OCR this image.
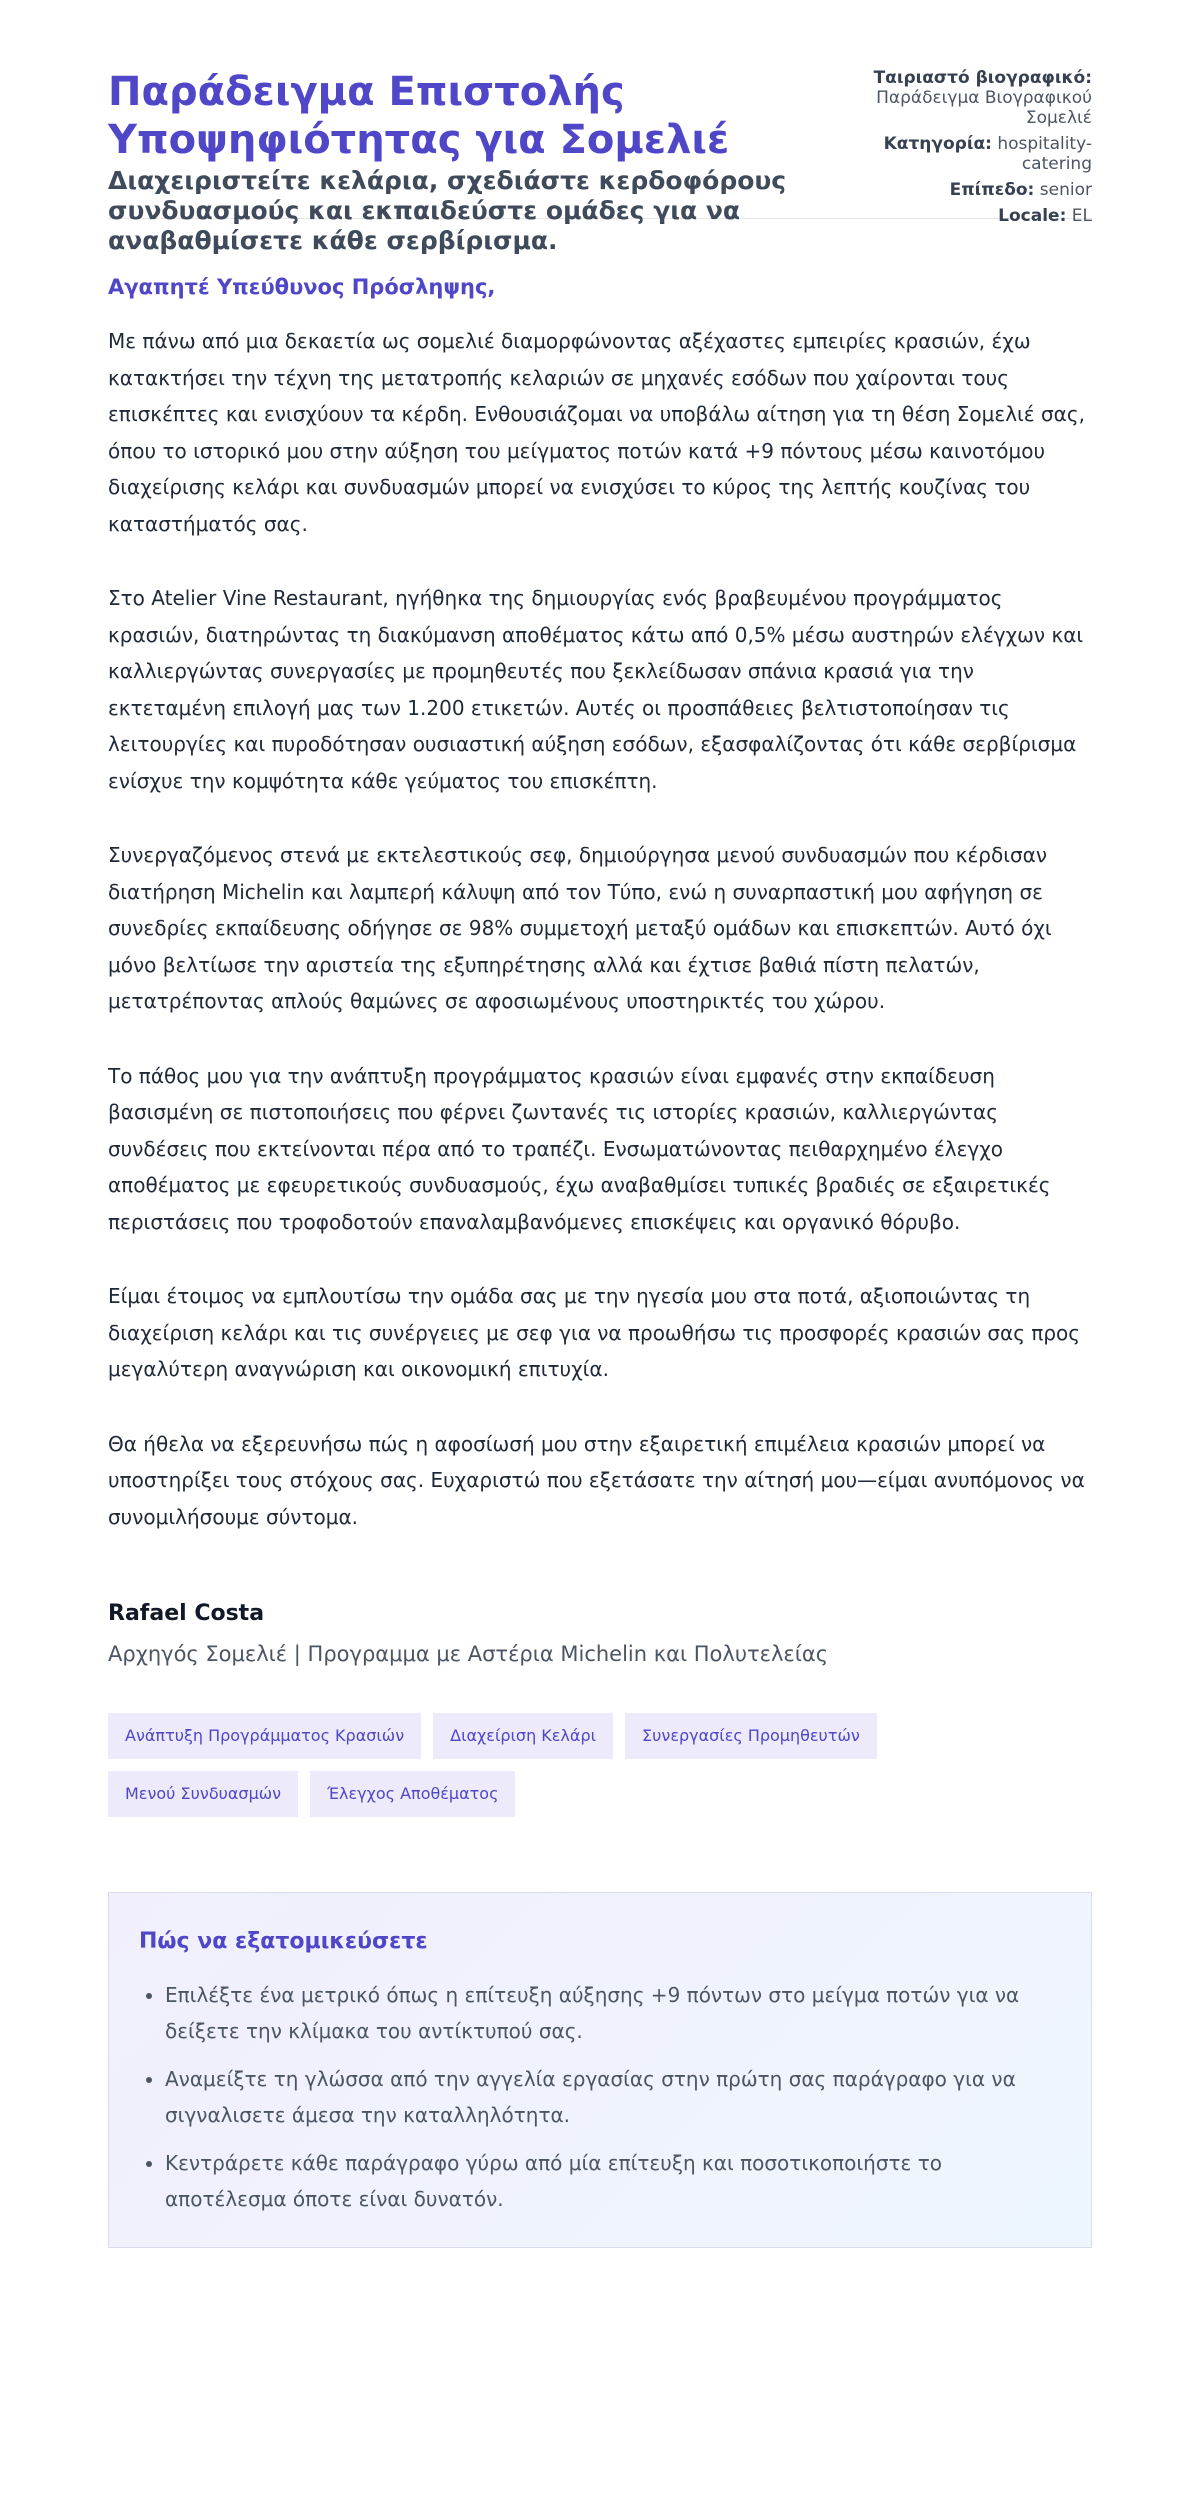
Παράδειγμα Επιστολής Υποψηφιότητας για Σομελιέ

Διαχειριστείτε κελάρια, σχεδιάστε κερδοφόρους συνδυασμούς και εκπαιδεύστε ομάδες για να αναβαθμίσετε κάθε σερβίρισμα.

Ταιριαστό βιογραφικό: Παράδειγμα Βιογραφικού Σομελιέ
Κατηγορία: hospitality-catering
Επίπεδο: senior
Locale: EL

Αγαπητέ Υπεύθυνος Πρόσληψης,

Με πάνω από μια δεκαετία ως σομελιέ διαμορφώνοντας αξέχαστες εμπειρίες κρασιών, έχω κατακτήσει την τέχνη της μετατροπής κελαριών σε μηχανές εσόδων που χαίρονται τους επισκέπτες και ενισχύουν τα κέρδη. Ενθουσιάζομαι να υποβάλω αίτηση για τη θέση Σομελιέ σας, όπου το ιστορικό μου στην αύξηση του μείγματος ποτών κατά +9 πόντους μέσω καινοτόμου διαχείρισης κελάρι και συνδυασμών μπορεί να ενισχύσει το κύρος της λεπτής κουζίνας του καταστήματός σας.

Στο Atelier Vine Restaurant, ηγήθηκα της δημιουργίας ενός βραβευμένου προγράμματος κρασιών, διατηρώντας τη διακύμανση αποθέματος κάτω από 0,5% μέσω αυστηρών ελέγχων και καλλιεργώντας συνεργασίες με προμηθευτές που ξεκλείδωσαν σπάνια κρασιά για την εκτεταμένη επιλογή μας των 1.200 ετικετών. Αυτές οι προσπάθειες βελτιστοποίησαν τις λειτουργίες και πυροδότησαν ουσιαστική αύξηση εσόδων, εξασφαλίζοντας ότι κάθε σερβίρισμα ενίσχυε την κομψότητα κάθε γεύματος του επισκέπτη.

Συνεργαζόμενος στενά με εκτελεστικούς σεφ, δημιούργησα μενού συνδυασμών που κέρδισαν διατήρηση Michelin και λαμπερή κάλυψη από τον Τύπο, ενώ η συναρπαστική μου αφήγηση σε συνεδρίες εκπαίδευσης οδήγησε σε 98% συμμετοχή μεταξύ ομάδων και επισκεπτών. Αυτό όχι μόνο βελτίωσε την αριστεία της εξυπηρέτησης αλλά και έχτισε βαθιά πίστη πελατών, μετατρέποντας απλούς θαμώνες σε αφοσιωμένους υποστηρικτές του χώρου.

Το πάθος μου για την ανάπτυξη προγράμματος κρασιών είναι εμφανές στην εκπαίδευση βασισμένη σε πιστοποιήσεις που φέρνει ζωντανές τις ιστορίες κρασιών, καλλιεργώντας συνδέσεις που εκτείνονται πέρα από το τραπέζι. Ενσωματώνοντας πειθαρχημένο έλεγχο αποθέματος με εφευρετικούς συνδυασμούς, έχω αναβαθμίσει τυπικές βραδιές σε εξαιρετικές περιστάσεις που τροφοδοτούν επαναλαμβανόμενες επισκέψεις και οργανικό θόρυβο.

Είμαι έτοιμος να εμπλουτίσω την ομάδα σας με την ηγεσία μου στα ποτά, αξιοποιώντας τη διαχείριση κελάρι και τις συνέργειες με σεφ για να προωθήσω τις προσφορές κρασιών σας προς μεγαλύτερη αναγνώριση και οικονομική επιτυχία.

Θα ήθελα να εξερευνήσω πώς η αφοσίωσή μου στην εξαιρετική επιμέλεια κρασιών μπορεί να υποστηρίξει τους στόχους σας. Ευχαριστώ που εξετάσατε την αίτησή μου—είμαι ανυπόμονος να συνομιλήσουμε σύντομα.

Rafael Costa

Αρχηγός Σομελιέ | Προγραμμα με Αστέρια Michelin και Πολυτελείας

Ανάπτυξη Προγράμματος Κρασιών	Διαχείριση Κελάρι	Συνεργασίες Προμηθευτών
Μενού Συνδυασμών	Έλεγχος Αποθέματος
Πώς να εξατομικεύσετε
• Επιλέξτε ένα μετρικό όπως η επίτευξη αύξησης +9 πόντων στο μείγμα ποτών για να δείξετε την κλίμακα του αντίκτυπού σας.
• Αναμείξτε τη γλώσσα από την αγγελία εργασίας στην πρώτη σας παράγραφο για να σιγναλισετε άμεσα την καταλληλότητα.
• Κεντράρετε κάθε παράγραφο γύρω από μία επίτευξη και ποσοτικοποιήστε το αποτέλεσμα όποτε είναι δυνατόν.
